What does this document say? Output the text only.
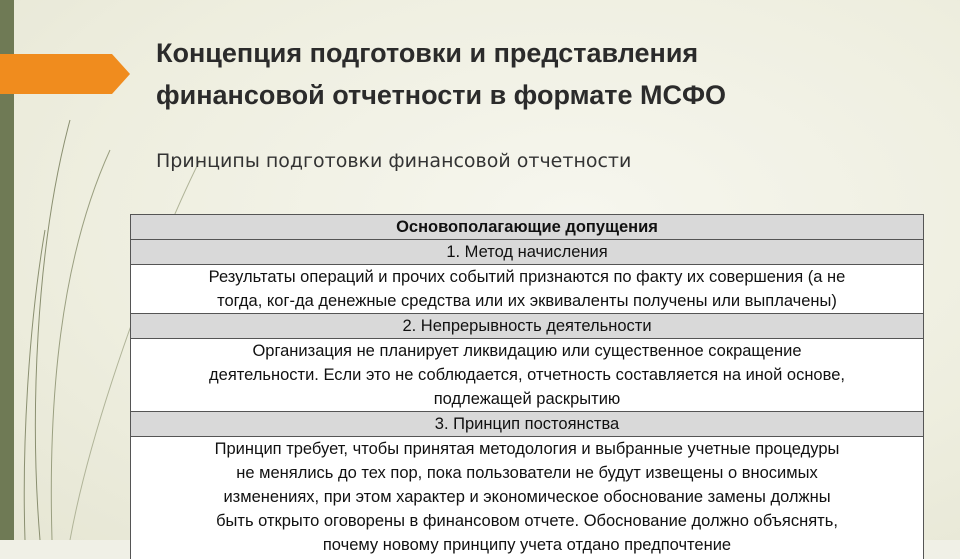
Концепция подготовки и представления
финансовой отчетности в формате МСФО
Принципы подготовки финансовой отчетности
Основополагающие допущения
1. Метод начисления
Результаты операций и прочих событий признаются по факту их совершения (а не
тогда, ког-да денежные средства или их эквиваленты получены или выплачены)
2. Непрерывность деятельности
Организация не планирует ликвидацию или существенное сокращение
деятельности. Если это не соблюдается, отчетность составляется на иной основе,
подлежащей раскрытию
3. Принцип постоянства
Принцип требует, чтобы принятая методология и выбранные учетные процедуры
не менялись до тех пор, пока пользователи не будут извещены о вносимых
изменениях, при этом характер и экономическое обоснование замены должны
быть открыто оговорены в финансовом отчете. Обоснование должно объяснять,
почему новому принципу учета отдано предпочтение
